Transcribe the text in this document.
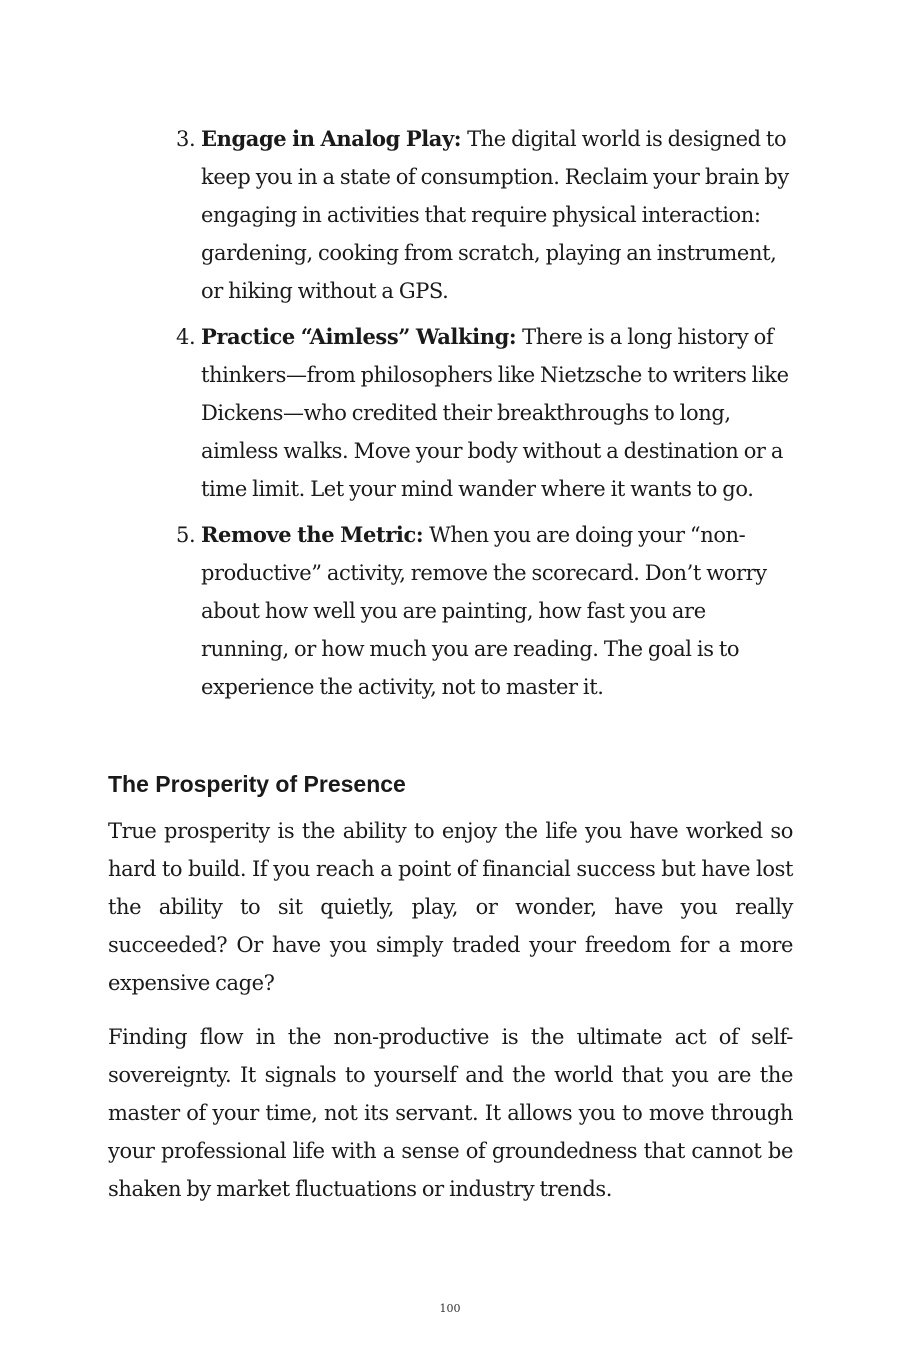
3. Engage in Analog Play: The digital world is designed to keep you in a state of consumption. Reclaim your brain by engaging in activities that require physical interaction: gardening, cooking from scratch, playing an instrument, or hiking without a GPS.
4. Practice “Aimless” Walking: There is a long history of thinkers—from philosophers like Nietzsche to writers like Dickens—who credited their breakthroughs to long, aimless walks. Move your body without a destination or a time limit. Let your mind wander where it wants to go.
5. Remove the Metric: When you are doing your “non-productive” activity, remove the scorecard. Don’t worry about how well you are painting, how fast you are running, or how much you are reading. The goal is to experience the activity, not to master it.
The Prosperity of Presence

True prosperity is the ability to enjoy the life you have worked so hard to build. If you reach a point of financial success but have lost the ability to sit quietly, play, or wonder, have you really succeeded? Or have you simply traded your freedom for a more expensive cage?

Finding flow in the non-productive is the ultimate act of self-sovereignty. It signals to yourself and the world that you are the master of your time, not its servant. It allows you to move through your professional life with a sense of groundedness that cannot be shaken by market fluctuations or industry trends.

100
